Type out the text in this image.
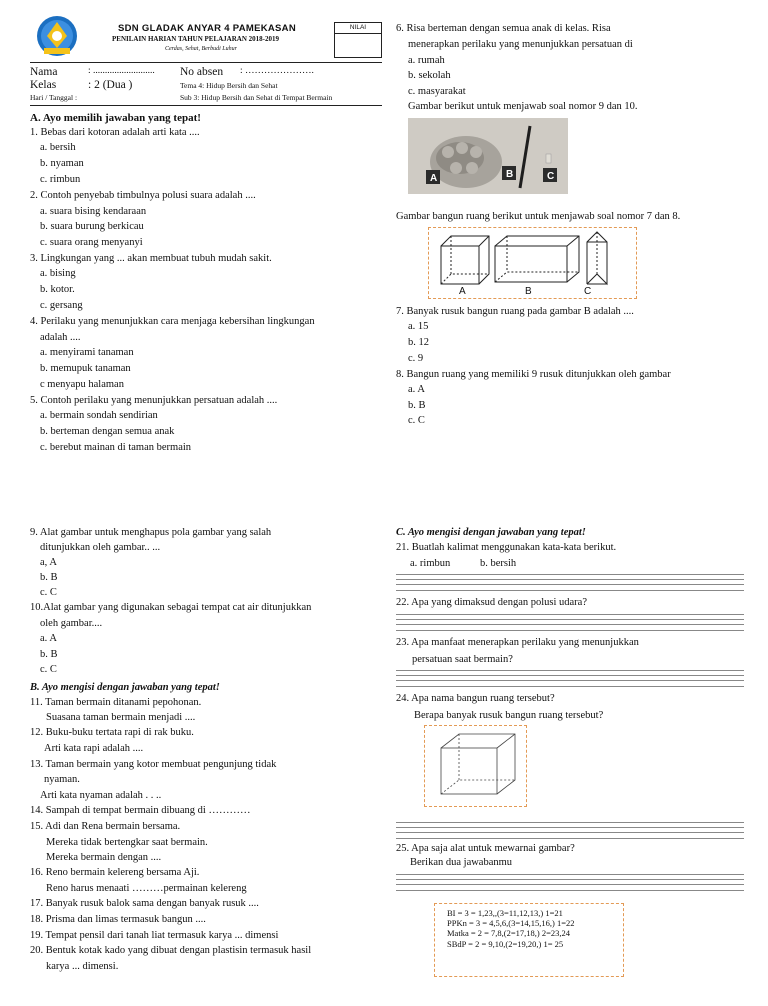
SDN GLADAK ANYAR 4 PAMEKASAN
PENILAIN HARIAN TAHUN PELAJARAN 2018-2019
Cerdas, Sehat, Berbudi Luhur
NILAI
Nama	: .......................... No absen : ………………….
Kelas	: 2 (Dua )	Tema 4: Hidup Bersih dan Sehat
Hari / Tanggal :	Sub 3: Hidup Bersih dan Sehat di Tempat Bermain
A. Ayo memilih jawaban yang tepat!
1. Bebas dari kotoran adalah arti kata ....
a. bersih
b. nyaman
c. rimbun
2. Contoh penyebab timbulnya polusi suara adalah ....
a. suara bising kendaraan
b. suara burung berkicau
c. suara orang menyanyi
3. Lingkungan yang ... akan membuat tubuh mudah sakit.
a. bising
b. kotor.
c. gersang
4. Perilaku yang menunjukkan cara menjaga kebersihan lingkungan
adalah ....
a. menyirami tanaman
b. memupuk tanaman
c menyapu halaman
5. Contoh perilaku yang menunjukkan persatuan adalah ....
a. bermain sondah sendirian
b. berteman dengan semua anak
c. berebut mainan di taman bermain
6. Risa berteman dengan semua anak di kelas. Risa
menerapkan perilaku yang menunjukkan persatuan di
a. rumah
b. sekolah
c. masyarakat
Gambar berikut untuk menjawab soal nomor 9 dan 10.
A	B	C
Gambar bangun ruang berikut untuk menjawab soal nomor 7 dan 8.
A	B	C
7. Banyak rusuk bangun ruang pada gambar B adalah ....
a. 15
b. 12
c. 9
8. Bangun ruang yang memiliki 9 rusuk ditunjukkan oleh gambar
a. A
b. B
c. C
9. Alat gambar untuk menghapus pola gambar yang salah
ditunjukkan oleh gambar.. ...
a, A
b. B
c. C
10.Alat gambar yang digunakan sebagai tempat cat air ditunjukkan
oleh gambar....
a. A
b. B
c. C
B. Ayo mengisi dengan jawaban yang tepat!
11. Taman bermain ditanami pepohonan.
Suasana taman bermain menjadi ....
12. Buku-buku tertata rapi di rak buku.
Arti kata rapi adalah ....
13. Taman bermain yang kotor membuat pengunjung tidak
nyaman.
Arti kata nyaman adalah . . ..
14. Sampah di tempat bermain dibuang di …………
15. Adi dan Rena bermain bersama.
Mereka tidak bertengkar saat bermain.
Mereka bermain dengan ....
16. Reno bermain kelereng bersama Aji.
Reno harus menaati ………permainan kelereng
17. Banyak rusuk balok sama dengan banyak rusuk ....
18. Prisma dan limas termasuk bangun ....
19. Tempat pensil dari tanah liat termasuk karya ... dimensi
20. Bentuk kotak kado yang dibuat dengan plastisin termasuk hasil
karya ... dimensi.
C. Ayo mengisi dengan jawaban yang tepat!
21. Buatlah kalimat menggunakan kata-kata berikut.
a. rimbun	b. bersih
22. Apa yang dimaksud dengan polusi udara?
23. Apa manfaat menerapkan perilaku yang menunjukkan
persatuan saat bermain?
24. Apa nama bangun ruang tersebut?
Berapa banyak rusuk bangun ruang tersebut?
25. Apa saja alat untuk mewarnai gambar?
Berikan dua jawabanmu
BI = 3 = 1,23,,(3=11,12,13,) 1=21
PPKn = 3 = 4,5,6,(3=14,15,16,) 1=22
Matka = 2 = 7,8,(2=17,18,) 2=23,24
SBdP = 2 = 9,10,(2=19,20,) 1= 25
